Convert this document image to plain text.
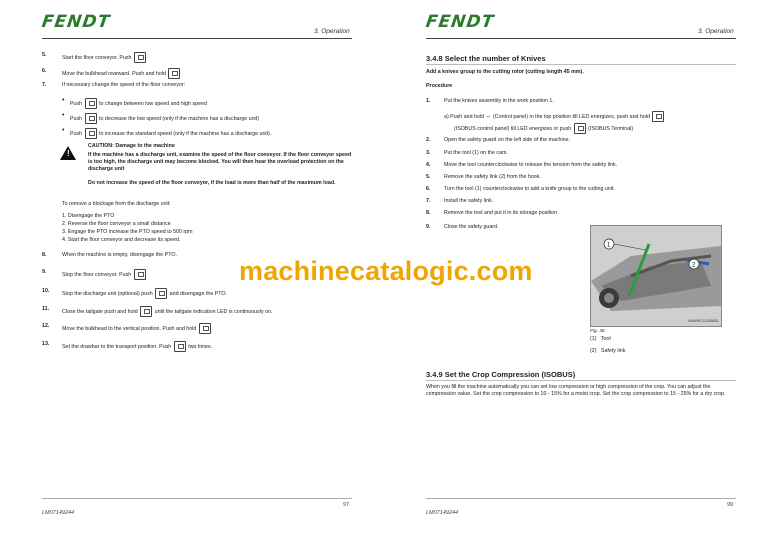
FENDT	3. Operation
5.	Start the floor conveyor. Push
6.	Move the bulkhead rearward. Push and hold
7.	If necessary change the speed of the floor conveyor:
• Push	to change between low speed and high speed
• Push	to decrease the low speed (only if the machine has a discharge unit)
• Push	to increase the standard speed (only if the machine has a discharge unit).
!
CAUTION: Damage to the machine
If the machine has a discharge unit, examine the speed of the floor conveyor. If the floor conveyor speed is too high, the discharge unit may become blocked. You will then hear the overload protection on the discharge unit
Do not increase the speed of the floor conveyor, if the load is more than half of the maximum load.
To remove a blockage from the discharge unit:
1. Disengage the PTO
2. Reverse the floor conveyor a small distance
3. Engage the PTO increase the PTO speed to 500 rpm
4. Start the floor conveyor and decrease its speed.
8.	When the machine is empty, disengage the PTO.
9.	Stop the floor conveyor. Push
10. Stop the discharge unit (optional) push	and disengage the PTO.
11. Close the tailgate push and hold	until the tailgate indication LED is continuously on.
12. Move the bulkhead to the vertical position. Push and hold
13. Set the drawbar to the transport position. Push	two times.
97
LM07149244
FENDT	3. Operation
3.4.8 Select the number of Knives
Add a knives group to the cutting rotor (cutting length 45 mm).
Procedure
1.	Put the knives assembly in the work position 1.
a) Push and hold ⇔ (Control panel) in the top position till LED energizes, push and hold
(ISOBUS control panel) till LED energizes or push	(ISOBUS Terminal)
2.	Open the safety guard on the left side of the machine.
3.	Put the tool (1) on the cam.
4.	Move the tool counterclockwise to release the tension from the safety link.
5.	Remove the safety link (2) from the hook.
6.	Turn the tool (1) counterclockwise to add a knife group to the cutting unit.
7.	Install the safety link.
8.	Remove the tool and put it in its storage position.
9.	Close the safety guard.
Fig. 36
(1) Tool
(2) Safety link
3.4.9 Set the Crop Compression (ISOBUS)
When you fill the machine automatically you can set low compression or high compression of the crop. You can adjust the compression value. Set the crop compression to 10 - 15% for a moist crop. Set the crop compression to 15 - 25% for a dry crop.
99
LM07149244
1
2
KAAHRC11S0B001
machinecatalogic.com
